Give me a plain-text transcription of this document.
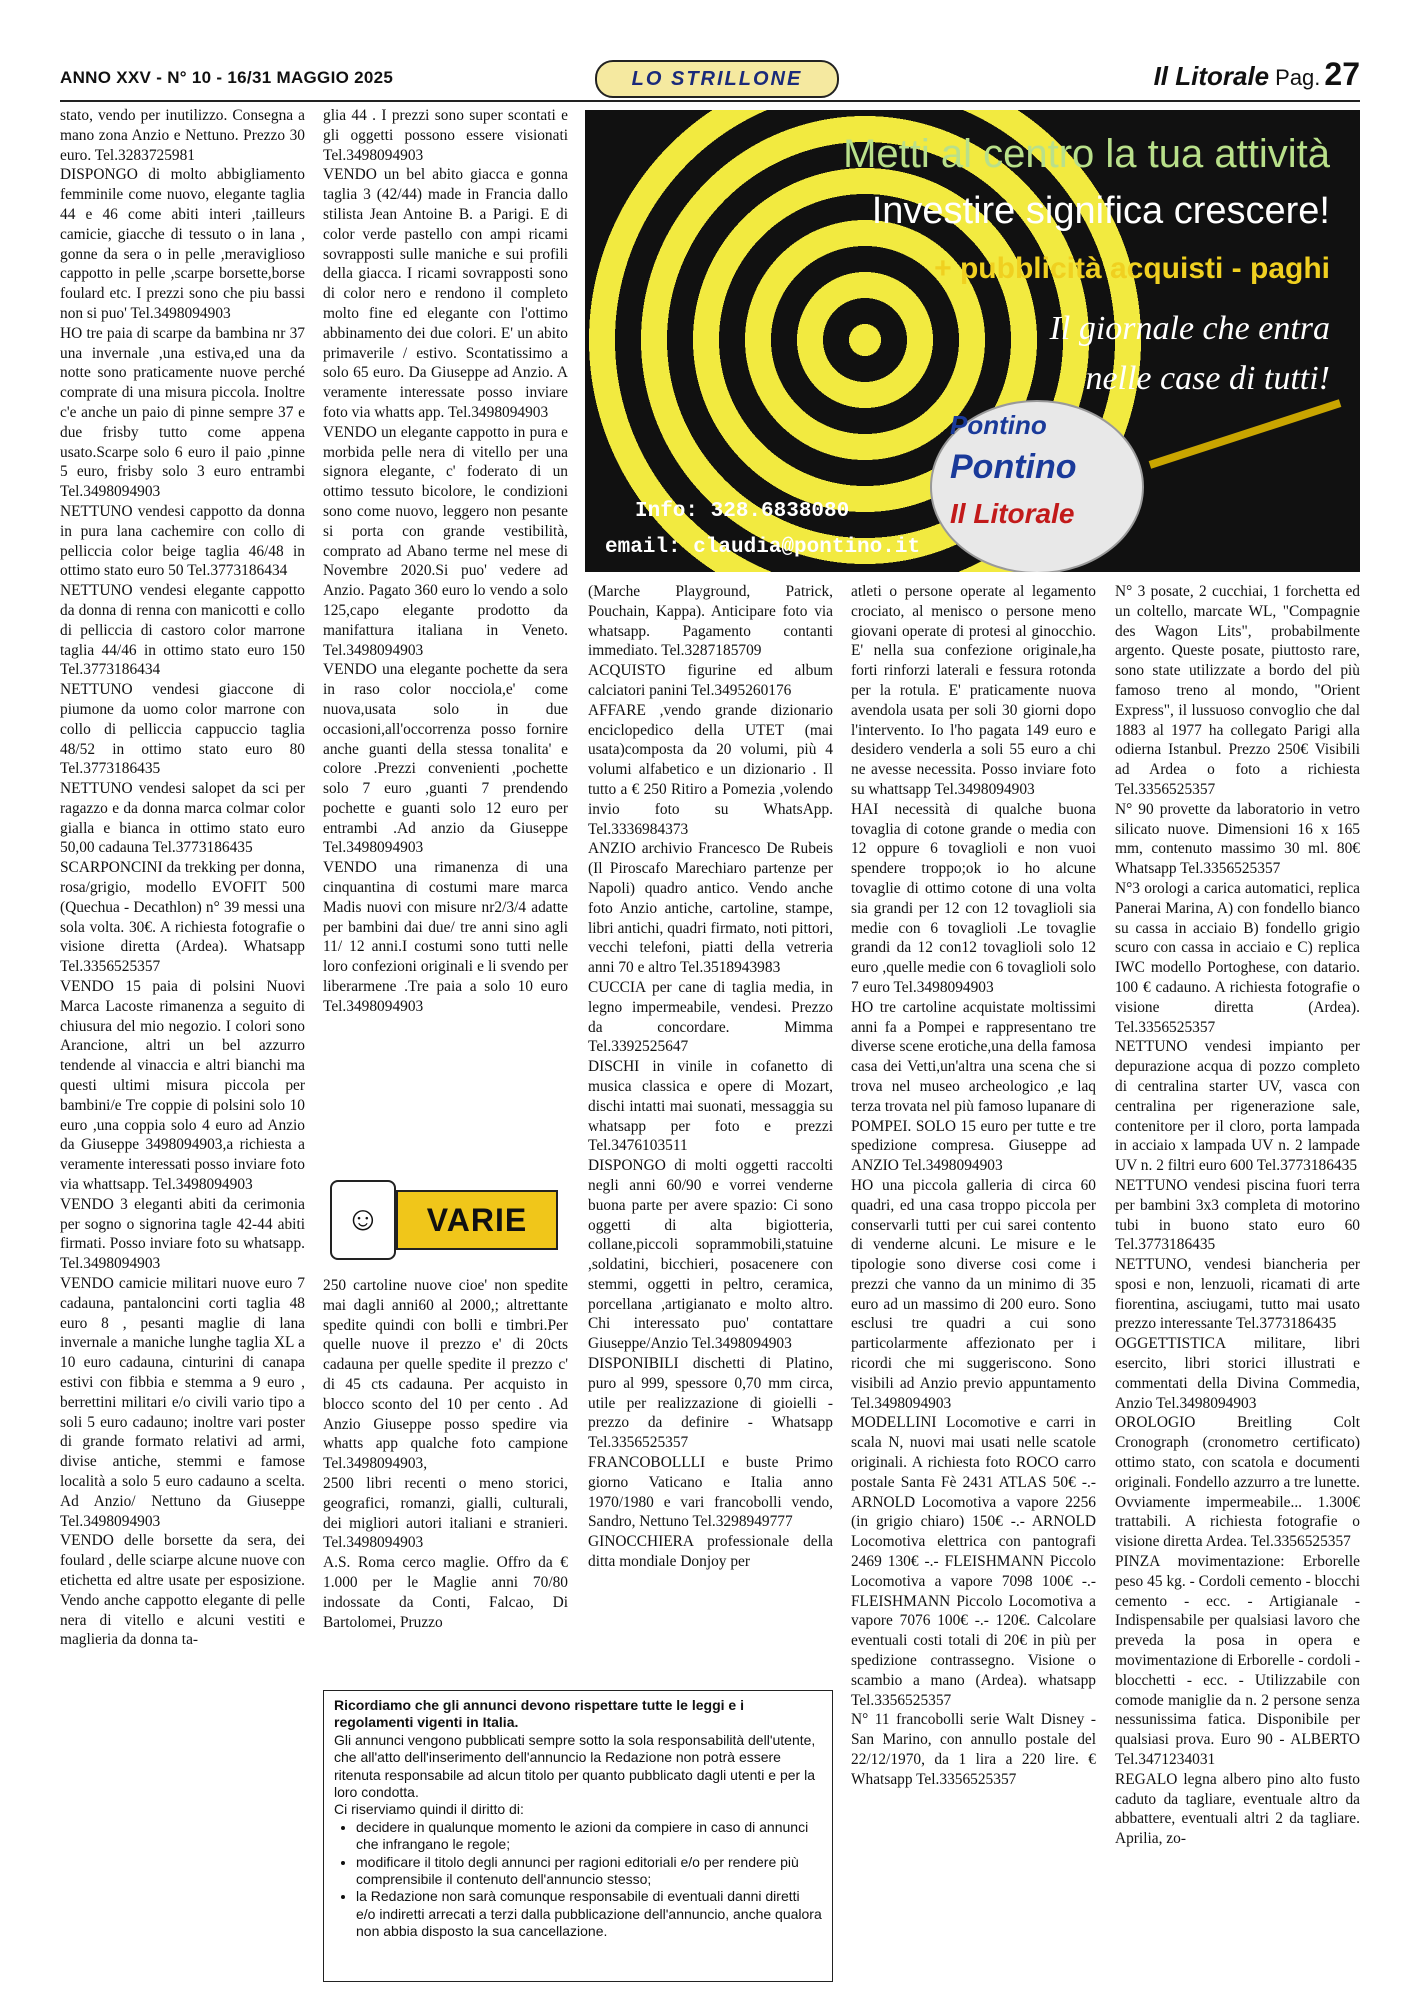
ANNO XXV - N° 10 - 16/31 MAGGIO 2025	LO STRILLONE	Il Litorale Pag. 27
Metti al centro la tua attività
Investire significa crescere!
+ pubblicità acquisti - paghi
Il giornale che entra
nelle case di tutti!
Pontino
Pontino
Il Litorale
Info: 328.6838080
email: claudia@pontino.it

stato, vendo per inutilizzo. Consegna a mano zona Anzio e Nettuno. Prezzo 30 euro. Tel.3283725981

DISPONGO di molto abbigliamento femminile come nuovo, elegante taglia 44 e 46 come abiti interi ,tailleurs camicie, giacche di tessuto o in lana , gonne da sera o in pelle ,meraviglioso cappotto in pelle ,scarpe borsette,borse foulard etc. I prezzi sono che piu bassi non si puo' Tel.3498094903

HO tre paia di scarpe da bambina nr 37 una invernale ,una estiva,ed una da notte sono praticamente nuove perché comprate di una misura piccola. Inoltre c'e anche un paio di pinne sempre 37 e due frisby tutto come appena usato.Scarpe solo 6 euro il paio ,pinne 5 euro, frisby solo 3 euro entrambi Tel.3498094903

NETTUNO vendesi cappotto da donna in pura lana cachemire con collo di pelliccia color beige taglia 46/48 in ottimo stato euro 50 Tel.3773186434

NETTUNO vendesi elegante cappotto da donna di renna con manicotti e collo di pelliccia di castoro color marrone taglia 44/46 in ottimo stato euro 150 Tel.3773186434

NETTUNO vendesi giaccone di piumone da uomo color marrone con collo di pelliccia cappuccio taglia 48/52 in ottimo stato euro 80 Tel.3773186435

NETTUNO vendesi salopet da sci per ragazzo e da donna marca colmar color gialla e bianca in ottimo stato euro 50,00 cadauna Tel.3773186435

SCARPONCINI da trekking per donna, rosa/grigio, modello EVOFIT 500 (Quechua - Decathlon) n° 39 messi una sola volta. 30€. A richiesta fotografie o visione diretta (Ardea). Whatsapp Tel.3356525357

VENDO 15 paia di polsini Nuovi Marca Lacoste rimanenza a seguito di chiusura del mio negozio. I colori sono Arancione, altri un bel azzurro tendende al vinaccia e altri bianchi ma questi ultimi misura piccola per bambini/e Tre coppie di polsini solo 10 euro ,una coppia solo 4 euro ad Anzio da Giuseppe 3498094903,a richiesta a veramente interessati posso inviare foto via whattsapp. Tel.3498094903

VENDO 3 eleganti abiti da cerimonia per sogno o signorina tagle 42-44 abiti firmati. Posso inviare foto su whatsapp. Tel.3498094903

VENDO camicie militari nuove euro 7 cadauna, pantaloncini corti taglia 48 euro 8 , pesanti maglie di lana invernale a maniche lunghe taglia XL a 10 euro cadauna, cinturini di canapa estivi con fibbia e stemma a 9 euro , berrettini militari e/o civili vario tipo a soli 5 euro cadauno; inoltre vari poster di grande formato relativi ad armi, divise antiche, stemmi e famose località a solo 5 euro cadauno a scelta. Ad Anzio/ Nettuno da Giuseppe Tel.3498094903

VENDO delle borsette da sera, dei foulard , delle sciarpe alcune nuove con etichetta ed altre usate per esposizione. Vendo anche cappotto elegante di pelle nera di vitello e alcuni vestiti e maglieria da donna ta-

glia 44 . I prezzi sono super scontati e gli oggetti possono essere visionati Tel.3498094903

VENDO un bel abito giacca e gonna taglia 3 (42/44) made in Francia dallo stilista Jean Antoine B. a Parigi. E di color verde pastello con ampi ricami sovrapposti sulle maniche e sui profili della giacca. I ricami sovrapposti sono di color nero e rendono il completo molto fine ed elegante con l'ottimo abbinamento dei due colori. E' un abito primaverile / estivo. Scontatissimo a solo 65 euro. Da Giuseppe ad Anzio. A veramente interessate posso inviare foto via whatts app. Tel.3498094903

VENDO un elegante cappotto in pura e morbida pelle nera di vitello per una signora elegante, c' foderato di un ottimo tessuto bicolore, le condizioni sono come nuovo, leggero non pesante si porta con grande vestibilità, comprato ad Abano terme nel mese di Novembre 2020.Si puo' vedere ad Anzio. Pagato 360 euro lo vendo a solo 125,capo elegante prodotto da manifattura italiana in Veneto. Tel.3498094903

VENDO una elegante pochette da sera in raso color nocciola,e' come nuova,usata solo in due occasioni,all'occorrenza posso fornire anche guanti della stessa tonalita' e colore .Prezzi convenienti ,pochette solo 7 euro ,guanti 7 prendendo pochette e guanti solo 12 euro per entrambi .Ad anzio da Giuseppe Tel.3498094903

VENDO una rimanenza di una cinquantina di costumi mare marca Madis nuovi con misure nr2/3/4 adatte per bambini dai due/ tre anni sino agli 11/ 12 anni.I costumi sono tutti nelle loro confezioni originali e li svendo per liberarmene .Tre paia a solo 10 euro Tel.3498094903

☺	VARIE

250 cartoline nuove cioe' non spedite mai dagli anni60 al 2000,; altrettante spedite quindi con bolli e timbri.Per quelle nuove il prezzo e' di 20cts cadauna per quelle spedite il prezzo c' di 45 cts cadauna. Per acquisto in blocco sconto del 10 per cento . Ad Anzio Giuseppe posso spedire via whatts app qualche foto campione Tel.3498094903,

2500 libri recenti o meno storici, geografici, romanzi, gialli, culturali, dei migliori autori italiani e stranieri. Tel.3498094903

A.S. Roma cerco maglie. Offro da € 1.000 per le Maglie anni 70/80 indossate da Conti, Falcao, Di Bartolomei, Pruzzo

(Marche Playground, Patrick, Pouchain, Kappa). Anticipare foto via whatsapp. Pagamento contanti immediato. Tel.3287185709

ACQUISTO figurine ed album calciatori panini Tel.3495260176

AFFARE ,vendo grande dizionario enciclopedico della UTET (mai usata)composta da 20 volumi, più 4 volumi alfabetico e un dizionario . Il tutto a € 250 Ritiro a Pomezia ,volendo invio foto su WhatsApp. Tel.3336984373

ANZIO archivio Francesco De Rubeis (Il Piroscafo Marechiaro partenze per Napoli) quadro antico. Vendo anche foto Anzio antiche, cartoline, stampe, libri antichi, quadri firmato, noti pittori, vecchi telefoni, piatti della vetreria anni 70 e altro Tel.3518943983

CUCCIA per cane di taglia media, in legno impermeabile, vendesi. Prezzo da concordare. Mimma Tel.3392525647

DISCHI in vinile in cofanetto di musica classica e opere di Mozart, dischi intatti mai suonati, messaggia su whatsapp per foto e prezzi Tel.3476103511

DISPONGO di molti oggetti raccolti negli anni 60/90 e vorrei venderne buona parte per avere spazio: Ci sono oggetti di alta bigiotteria, collane,piccoli soprammobili,statuine ,soldatini, bicchieri, posacenere con stemmi, oggetti in peltro, ceramica, porcellana ,artigianato e molto altro. Chi interessato puo' contattare Giuseppe/Anzio Tel.3498094903

DISPONIBILI dischetti di Platino, puro al 999, spessore 0,70 mm circa, utile per realizzazione di gioielli - prezzo da definire - Whatsapp Tel.3356525357

FRANCOBOLLLI e buste Primo giorno Vaticano e Italia anno 1970/1980 e vari francobolli vendo, Sandro, Nettuno Tel.3298949777

GINOCCHIERA professionale della ditta mondiale Donjoy per

atleti o persone operate al legamento crociato, al menisco o persone meno giovani operate di protesi al ginocchio. E' nella sua confezione originale,ha forti rinforzi laterali e fessura rotonda per la rotula. E' praticamente nuova avendola usata per soli 30 giorni dopo l'intervento. Io l'ho pagata 149 euro e desidero venderla a soli 55 euro a chi ne avesse necessita. Posso inviare foto su whattsapp Tel.3498094903

HAI necessità di qualche buona tovaglia di cotone grande o media con 12 oppure 6 tovaglioli e non vuoi spendere troppo;ok io ho alcune tovaglie di ottimo cotone di una volta sia grandi per 12 con 12 tovaglioli sia medie con 6 tovaglioli .Le tovaglie grandi da 12 con12 tovaglioli solo 12 euro ,quelle medie con 6 tovaglioli solo 7 euro Tel.3498094903

HO tre cartoline acquistate moltissimi anni fa a Pompei e rappresentano tre diverse scene erotiche,una della famosa casa dei Vetti,un'altra una scena che si trova nel museo archeologico ,e laq terza trovata nel più famoso lupanare di POMPEI. SOLO 15 euro per tutte e tre spedizione compresa. Giuseppe ad ANZIO Tel.3498094903

HO una piccola galleria di circa 60 quadri, ed una casa troppo piccola per conservarli tutti per cui sarei contento di venderne alcuni. Le misure e le tipologie sono diverse cosi come i prezzi che vanno da un minimo di 35 euro ad un massimo di 200 euro. Sono esclusi tre quadri a cui sono particolarmente affezionato per i ricordi che mi suggeriscono. Sono visibili ad Anzio previo appuntamento Tel.3498094903

MODELLINI Locomotive e carri in scala N, nuovi mai usati nelle scatole originali. A richiesta foto ROCO carro postale Santa Fè 2431 ATLAS 50€ -.- ARNOLD Locomotiva a vapore 2256 (in grigio chiaro) 150€ -.- ARNOLD Locomotiva elettrica con pantografi 2469 130€ -.- FLEISHMANN Piccolo Locomotiva a vapore 7098 100€ -.- FLEISHMANN Piccolo Locomotiva a vapore 7076 100€ -.- 120€. Calcolare eventuali costi totali di 20€ in più per spedizione contrassegno. Visione o scambio a mano (Ardea). whatsapp Tel.3356525357

N° 11 francobolli serie Walt Disney - San Marino, con annullo postale del 22/12/1970, da 1 lira a 220 lire. € Whatsapp Tel.3356525357

N° 3 posate, 2 cucchiai, 1 forchetta ed un coltello, marcate WL, "Compagnie des Wagon Lits", probabilmente argento. Queste posate, piuttosto rare, sono state utilizzate a bordo del più famoso treno al mondo, "Orient Express", il lussuoso convoglio che dal 1883 al 1977 ha collegato Parigi alla odierna Istanbul. Prezzo 250€ Visibili ad Ardea o foto a richiesta Tel.3356525357

N° 90 provette da laboratorio in vetro silicato nuove. Dimensioni 16 x 165 mm, contenuto massimo 30 ml. 80€ Whatsapp Tel.3356525357

N°3 orologi a carica automatici, replica Panerai Marina, A) con fondello bianco su cassa in acciaio B) fondello grigio scuro con cassa in acciaio e C) replica IWC modello Portoghese, con datario. 100 € cadauno. A richiesta fotografie o visione diretta (Ardea). Tel.3356525357

NETTUNO vendesi impianto per depurazione acqua di pozzo completo di centralina starter UV, vasca con centralina per rigenerazione sale, contenitore per il cloro, porta lampada in acciaio x lampada UV n. 2 lampade UV n. 2 filtri euro 600 Tel.3773186435

NETTUNO vendesi piscina fuori terra per bambini 3x3 completa di motorino tubi in buono stato euro 60 Tel.3773186435

NETTUNO, vendesi biancheria per sposi e non, lenzuoli, ricamati di arte fiorentina, asciugami, tutto mai usato prezzo interessante Tel.3773186435

OGGETTISTICA militare, libri esercito, libri storici illustrati e commentati della Divina Commedia, Anzio Tel.3498094903

OROLOGIO Breitling Colt Cronograph (cronometro certificato) ottimo stato, con scatola e documenti originali. Fondello azzurro a tre lunette. Ovviamente impermeabile... 1.300€ trattabili. A richiesta fotografie o visione diretta Ardea. Tel.3356525357

PINZA movimentazione: Erborelle peso 45 kg. - Cordoli cemento - blocchi cemento - ecc. - Artigianale - Indispensabile per qualsiasi lavoro che preveda la posa in opera e movimentazione di Erborelle - cordoli -blocchetti - ecc. - Utilizzabile con comode maniglie da n. 2 persone senza nessunissima fatica. Disponibile per qualsiasi prova. Euro 90 - ALBERTO Tel.3471234031

REGALO legna albero pino alto fusto caduto da tagliare, eventuale altro da abbattere, eventuali altri 2 da tagliare. Aprilia, zo-

Ricordiamo che gli annunci devono rispettare tutte le leggi e i regolamenti vigenti in Italia.
Gli annunci vengono pubblicati sempre sotto la sola responsabilità dell'utente, che all'atto dell'inserimento dell'annuncio la Redazione non potrà essere ritenuta responsabile ad alcun titolo per quanto pubblicato dagli utenti e per la loro condotta.
Ci riserviamo quindi il diritto di:
• decidere in qualunque momento le azioni da compiere in caso di annunci che infrangano le regole;
• modificare il titolo degli annunci per ragioni editoriali e/o per rendere più comprensibile il contenuto dell'annuncio stesso;
• la Redazione non sarà comunque responsabile di eventuali danni diretti e/o indiretti arrecati a terzi dalla pubblicazione dell'annuncio, anche qualora non abbia disposto la sua cancellazione.
